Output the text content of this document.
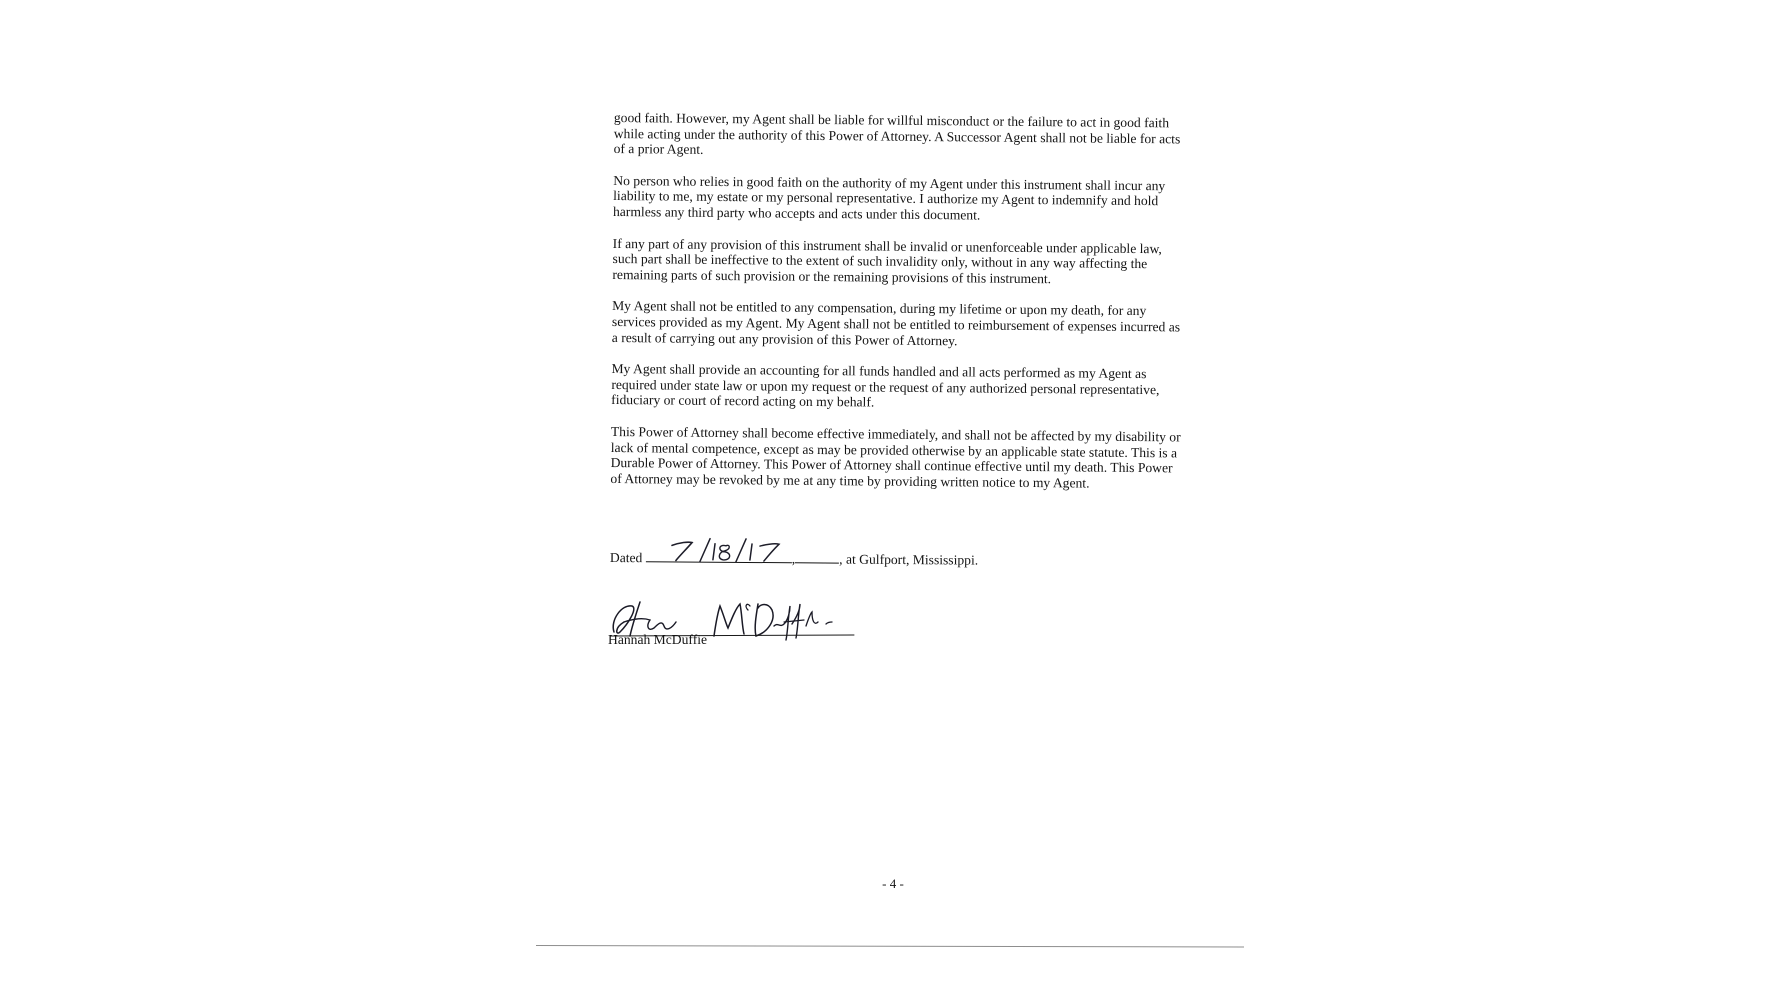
good faith. However, my Agent shall be liable for willful misconduct or the failure to act in good faith while acting under the authority of this Power of Attorney. A Successor Agent shall not be liable for acts of a prior Agent.

No person who relies in good faith on the authority of my Agent under this instrument shall incur any liability to me, my estate or my personal representative. I authorize my Agent to indemnify and hold harmless any third party who accepts and acts under this document.

If any part of any provision of this instrument shall be invalid or unenforceable under applicable law, such part shall be ineffective to the extent of such invalidity only, without in any way affecting the remaining parts of such provision or the remaining provisions of this instrument.

My Agent shall not be entitled to any compensation, during my lifetime or upon my death, for any services provided as my Agent. My Agent shall not be entitled to reimbursement of expenses incurred as a result of carrying out any provision of this Power of Attorney.

My Agent shall provide an accounting for all funds handled and all acts performed as my Agent as required under state law or upon my request or the request of any authorized personal representative, fiduciary or court of record acting on my behalf.

This Power of Attorney shall become effective immediately, and shall not be affected by my disability or lack of mental competence, except as may be provided otherwise by an applicable state statute. This is a Durable Power of Attorney. This Power of Attorney shall continue effective until my death. This Power of Attorney may be revoked by me at any time by providing written notice to my Agent.

Dated	,	, at Gulfport, Mississippi.
Hannah McDuffie
- 4 -
